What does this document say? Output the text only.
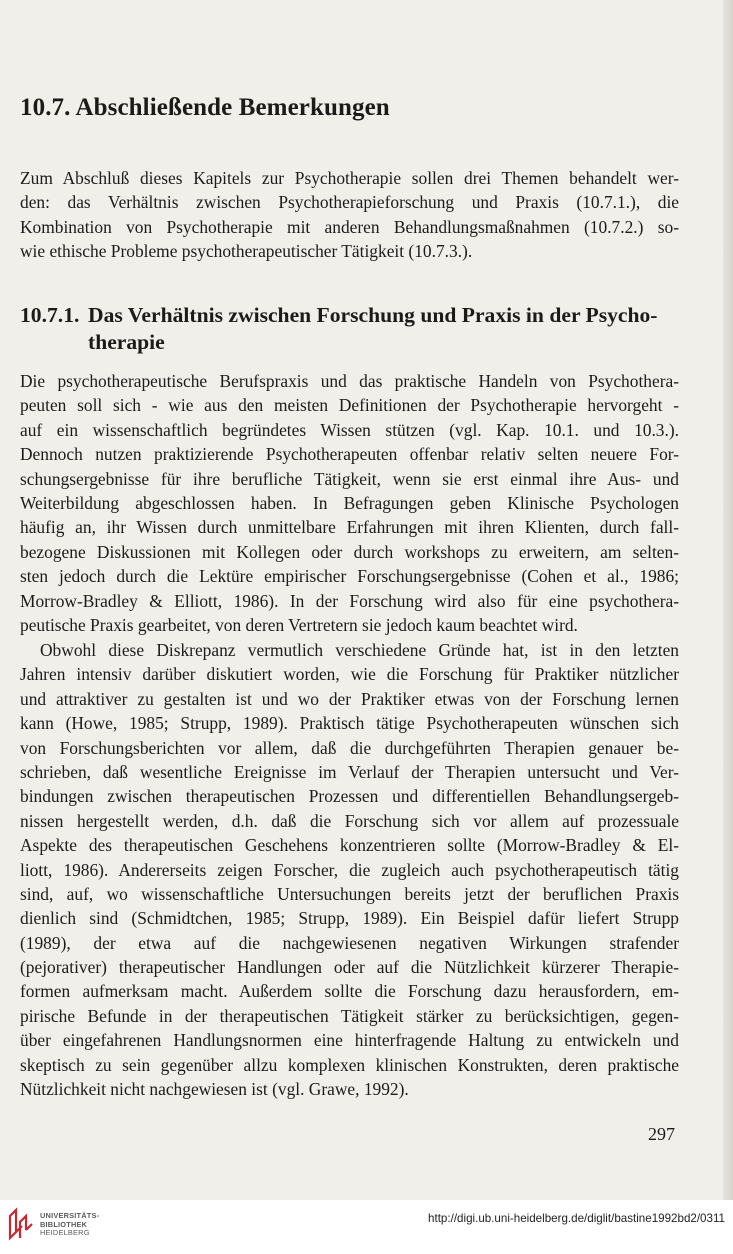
10.7. Abschließende Bemerkungen
Zum Abschluß dieses Kapitels zur Psychotherapie sollen drei Themen behandelt wer-
den: das Verhältnis zwischen Psychotherapieforschung und Praxis (10.7.1.), die
Kombination von Psychotherapie mit anderen Behandlungsmaßnahmen (10.7.2.) so-
wie ethische Probleme psychotherapeutischer Tätigkeit (10.7.3.).
10.7.1. Das Verhältnis zwischen Forschung und Praxis in der Psycho-
therapie
Die psychotherapeutische Berufspraxis und das praktische Handeln von Psychothera-
peuten soll sich - wie aus den meisten Definitionen der Psychotherapie hervorgeht -
auf ein wissenschaftlich begründetes Wissen stützen (vgl. Kap. 10.1. und 10.3.).
Dennoch nutzen praktizierende Psychotherapeuten offenbar relativ selten neuere For-
schungsergebnisse für ihre berufliche Tätigkeit, wenn sie erst einmal ihre Aus- und
Weiterbildung abgeschlossen haben. In Befragungen geben Klinische Psychologen
häufig an, ihr Wissen durch unmittelbare Erfahrungen mit ihren Klienten, durch fall-
bezogene Diskussionen mit Kollegen oder durch workshops zu erweitern, am selten-
sten jedoch durch die Lektüre empirischer Forschungsergebnisse (Cohen et al., 1986;
Morrow-Bradley & Elliott, 1986). In der Forschung wird also für eine psychothera-
peutische Praxis gearbeitet, von deren Vertretern sie jedoch kaum beachtet wird.
Obwohl diese Diskrepanz vermutlich verschiedene Gründe hat, ist in den letzten
Jahren intensiv darüber diskutiert worden, wie die Forschung für Praktiker nützlicher
und attraktiver zu gestalten ist und wo der Praktiker etwas von der Forschung lernen
kann (Howe, 1985; Strupp, 1989). Praktisch tätige Psychotherapeuten wünschen sich
von Forschungsberichten vor allem, daß die durchgeführten Therapien genauer be-
schrieben, daß wesentliche Ereignisse im Verlauf der Therapien untersucht und Ver-
bindungen zwischen therapeutischen Prozessen und differentiellen Behandlungsergeb-
nissen hergestellt werden, d.h. daß die Forschung sich vor allem auf prozessuale
Aspekte des therapeutischen Geschehens konzentrieren sollte (Morrow-Bradley & El-
liott, 1986). Andererseits zeigen Forscher, die zugleich auch psychotherapeutisch tätig
sind, auf, wo wissenschaftliche Untersuchungen bereits jetzt der beruflichen Praxis
dienlich sind (Schmidtchen, 1985; Strupp, 1989). Ein Beispiel dafür liefert Strupp
(1989), der etwa auf die nachgewiesenen negativen Wirkungen strafender
(pejorativer) therapeutischer Handlungen oder auf die Nützlichkeit kürzerer Therapie-
formen aufmerksam macht. Außerdem sollte die Forschung dazu herausfordern, em-
pirische Befunde in der therapeutischen Tätigkeit stärker zu berücksichtigen, gegen-
über eingefahrenen Handlungsnormen eine hinterfragende Haltung zu entwickeln und
skeptisch zu sein gegenüber allzu komplexen klinischen Konstrukten, deren praktische
Nützlichkeit nicht nachgewiesen ist (vgl. Grawe, 1992).
297
UNIVERSITÄTS-
BIBLIOTHEK
HEIDELBERG
http://digi.ub.uni-heidelberg.de/diglit/bastine1992bd2/0311
